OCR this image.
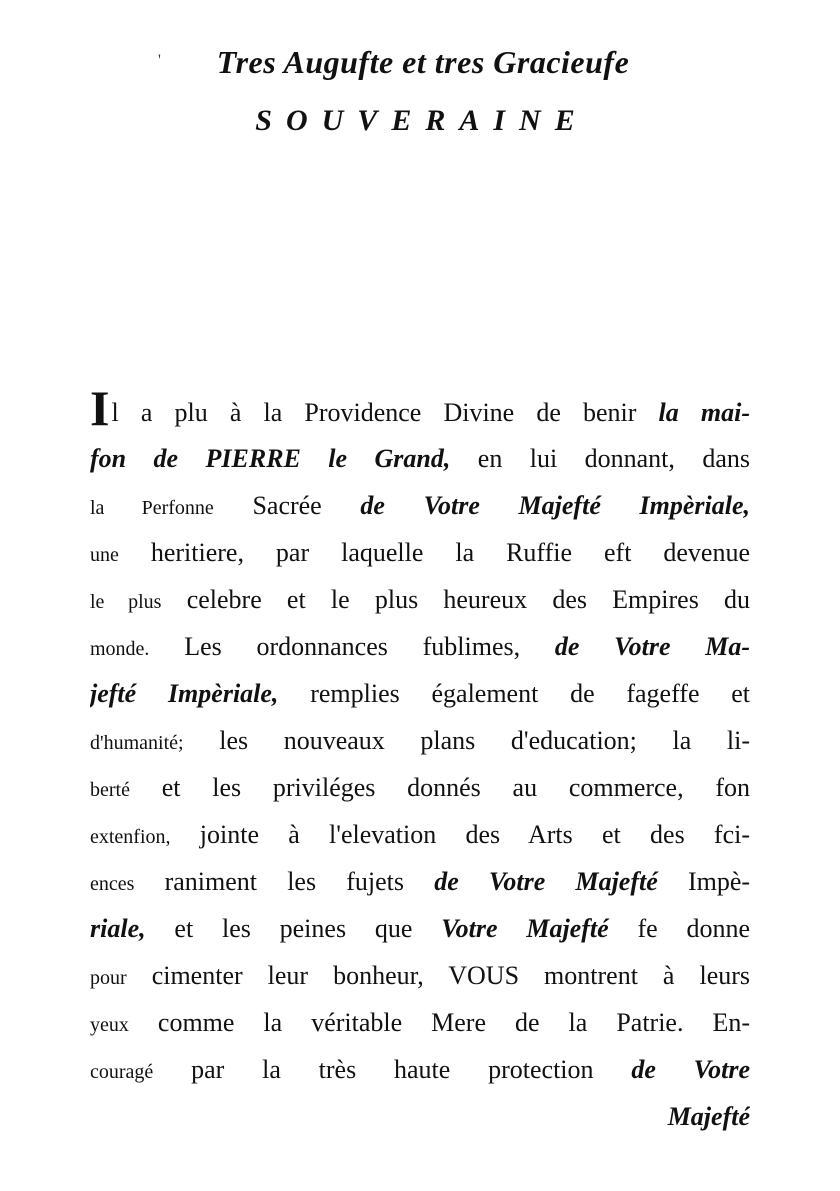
'	Tres Augufte et tres Gracieufe
SOUVERAINE
Il a plu à la Providence Divine de benir la mai-
fon de PIERRE le Grand, en lui donnant, dans
la Perfonne Sacrée de Votre Majefté Impèriale,
une heritiere, par laquelle la Ruffie eft devenue
le plus celebre et le plus heureux des Empires du
monde. Les ordonnances fublimes, de Votre Ma-
jefté Impèriale, remplies également de fageffe et
d'humanité; les nouveaux plans d'education; la li-
berté et les priviléges donnés au commerce, fon
extenfion, jointe à l'elevation des Arts et des fci-
ences raniment les fujets de Votre Majefté Impè-
riale, et les peines que Votre Majefté fe donne
pour cimenter leur bonheur, VOUS montrent à leurs
yeux comme la véritable Mere de la Patrie. En-
couragé par la très haute protection de Votre
Majefté
